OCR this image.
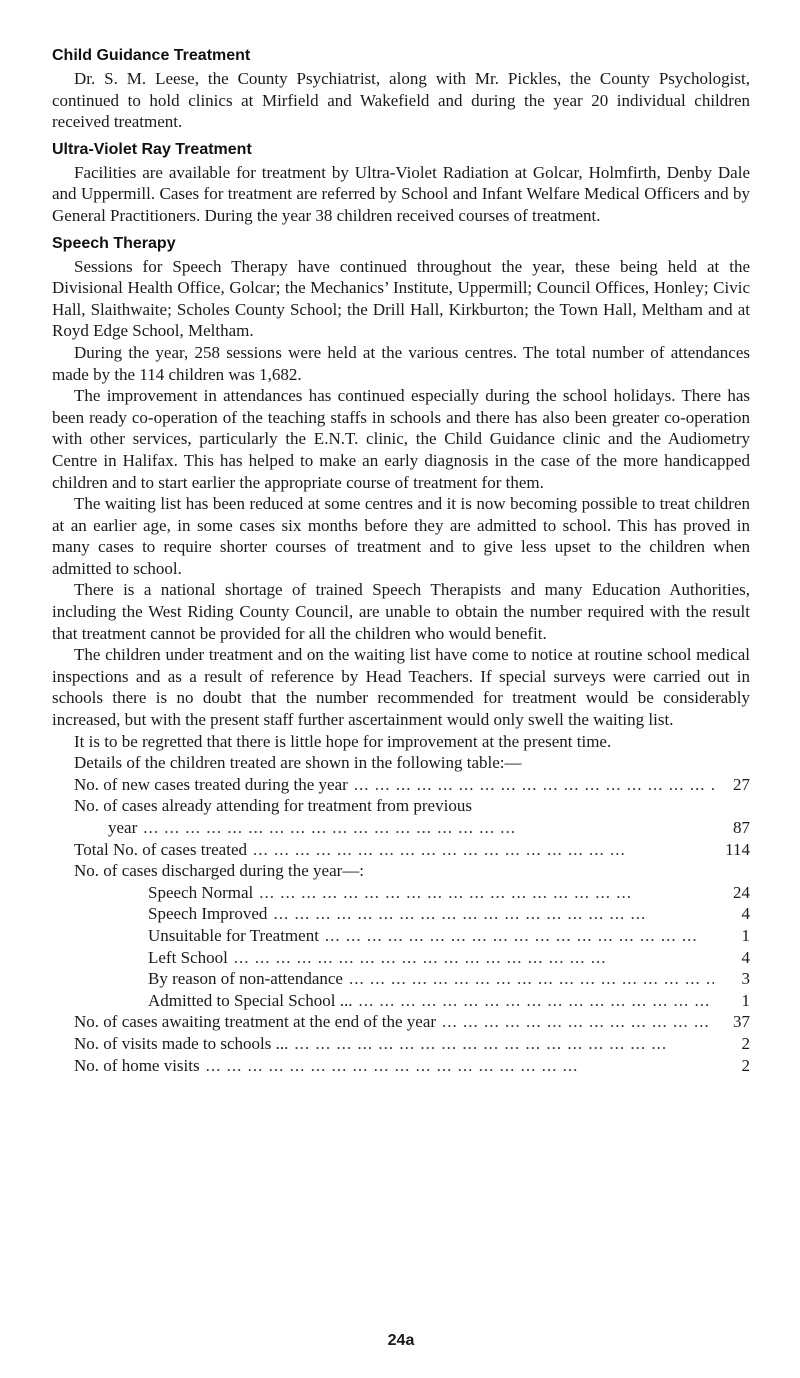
Child Guidance Treatment

Dr. S. M. Leese, the County Psychiatrist, along with Mr. Pickles, the County Psychologist, continued to hold clinics at Mirfield and Wakefield and during the year 20 individual children received treatment.

Ultra-Violet Ray Treatment

Facilities are available for treatment by Ultra-Violet Radiation at Golcar, Holmfirth, Denby Dale and Uppermill. Cases for treatment are referred by School and Infant Welfare Medical Officers and by General Practitioners. During the year 38 children received courses of treatment.

Speech Therapy

Sessions for Speech Therapy have continued throughout the year, these being held at the Divisional Health Office, Golcar; the Mechanics’ Institute, Uppermill; Council Offices, Honley; Civic Hall, Slaithwaite; Scholes County School; the Drill Hall, Kirkburton; the Town Hall, Meltham and at Royd Edge School, Meltham.

During the year, 258 sessions were held at the various centres. The total number of attendances made by the 114 children was 1,682.

The improvement in attendances has continued especially during the school holidays. There has been ready co-operation of the teaching staffs in schools and there has also been greater co-operation with other services, particularly the E.N.T. clinic, the Child Guidance clinic and the Audiometry Centre in Halifax. This has helped to make an early diagnosis in the case of the more handicapped children and to start earlier the appropriate course of treatment for them.

The waiting list has been reduced at some centres and it is now becoming possible to treat children at an earlier age, in some cases six months before they are admitted to school. This has proved in many cases to require shorter courses of treatment and to give less upset to the children when admitted to school.

There is a national shortage of trained Speech Therapists and many Education Authorities, including the West Riding County Council, are unable to obtain the number required with the result that treatment cannot be provided for all the children who would benefit.

The children under treatment and on the waiting list have come to notice at routine school medical inspections and as a result of reference by Head Teachers. If special surveys were carried out in schools there is no doubt that the number recommended for treatment would be considerably increased, but with the present staff further ascertainment would only swell the waiting list.

It is to be regretted that there is little hope for improvement at the present time.

Details of the children treated are shown in the following table:—

No. of new cases treated during the year ... .	27
No. of cases already attending for treatment from previous
year ... .	87
Total No. of cases treated ... .	114
No. of cases discharged during the year—:
Speech Normal ... .	24
Speech Improved ... .	4
Unsuitable for Treatment ... .	1
Left School ... .	4
By reason of non-attendance ... .	3
Admitted to Special School ... ... .	1
No. of cases awaiting treatment at the end of the year ... .	37
No. of visits made to schools ... ... .	2
No. of home visits ... .	2
24a
